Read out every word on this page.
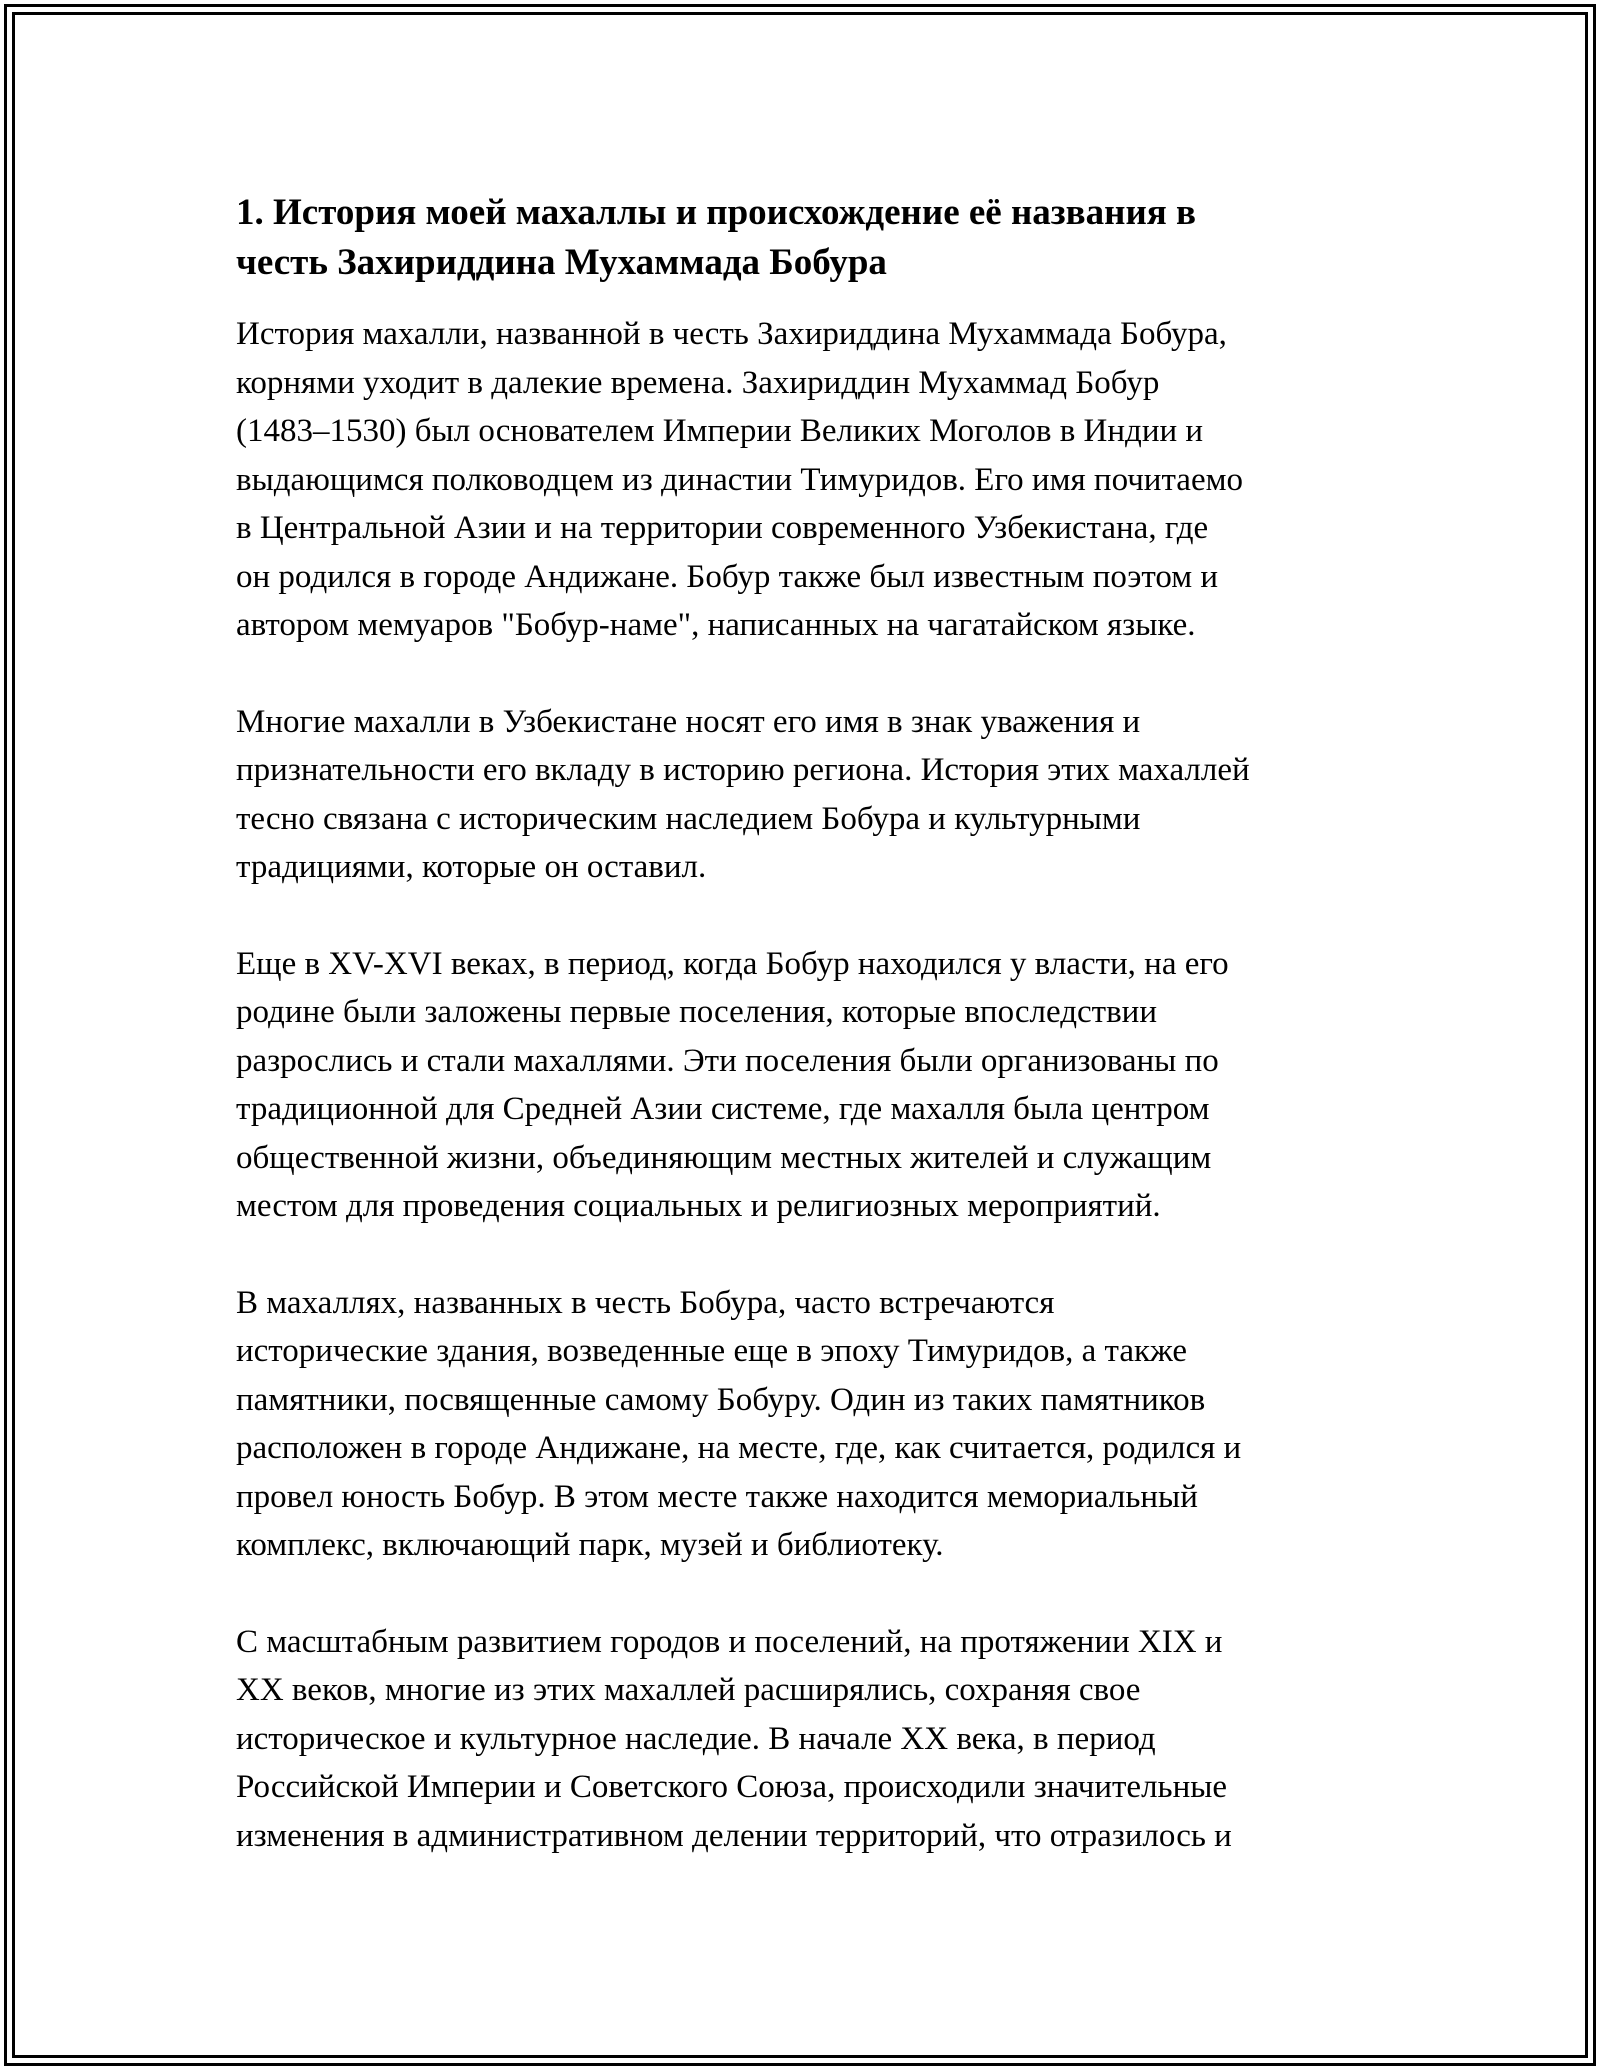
1. История моей махаллы и происхождение её названия в
честь Захириддина Мухаммада Бобура

История махалли, названной в честь Захириддина Мухаммада Бобура,
корнями уходит в далекие времена. Захириддин Мухаммад Бобур
(1483–1530) был основателем Империи Великих Моголов в Индии и
выдающимся полководцем из династии Тимуридов. Его имя почитаемо
в Центральной Азии и на территории современного Узбекистана, где
он родился в городе Андижане. Бобур также был известным поэтом и
автором мемуаров "Бобур-наме", написанных на чагатайском языке.

Многие махалли в Узбекистане носят его имя в знак уважения и
признательности его вкладу в историю региона. История этих махаллей
тесно связана с историческим наследием Бобура и культурными
традициями, которые он оставил.

Еще в XV-XVI веках, в период, когда Бобур находился у власти, на его
родине были заложены первые поселения, которые впоследствии
разрослись и стали махаллями. Эти поселения были организованы по
традиционной для Средней Азии системе, где махалля была центром
общественной жизни, объединяющим местных жителей и служащим
местом для проведения социальных и религиозных мероприятий.

В махаллях, названных в честь Бобура, часто встречаются
исторические здания, возведенные еще в эпоху Тимуридов, а также
памятники, посвященные самому Бобуру. Один из таких памятников
расположен в городе Андижане, на месте, где, как считается, родился и
провел юность Бобур. В этом месте также находится мемориальный
комплекс, включающий парк, музей и библиотеку.

С масштабным развитием городов и поселений, на протяжении XIX и
XX веков, многие из этих махаллей расширялись, сохраняя свое
историческое и культурное наследие. В начале XX века, в период
Российской Империи и Советского Союза, происходили значительные
изменения в административном делении территорий, что отразилось и
